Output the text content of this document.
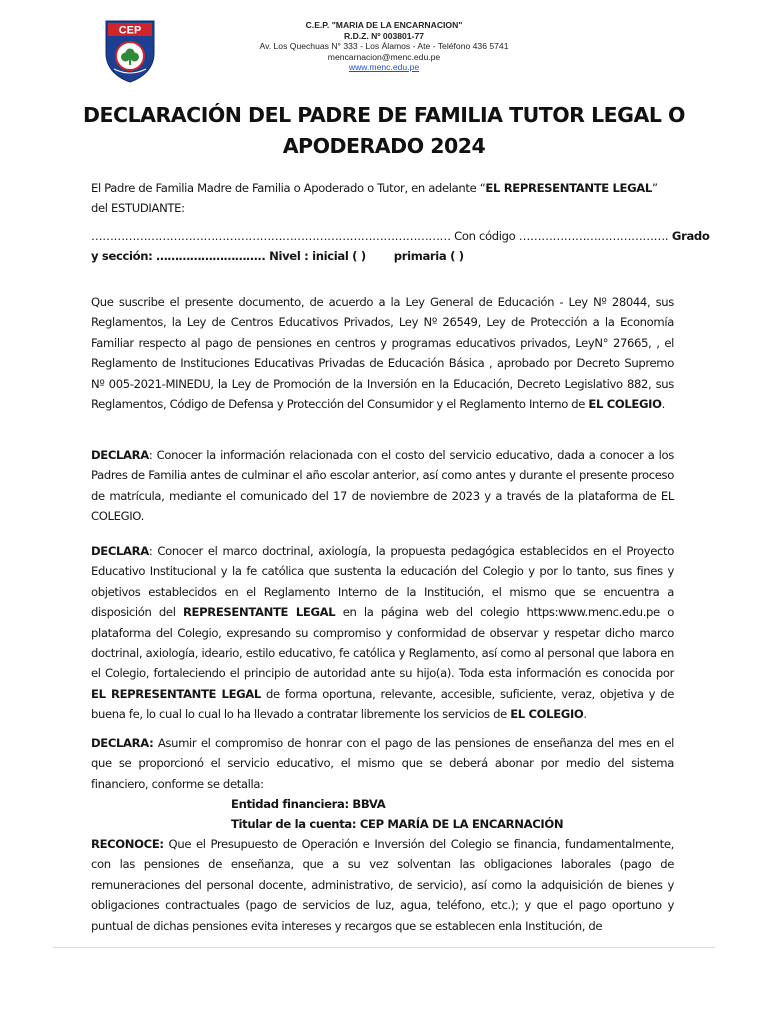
CEP	C.E.P. "MARIA DE LA ENCARNACION"
R.D.Z. Nº 003801-77
Av. Los Quechuas N° 333 - Los Álamos - Ate - Teléfono 436 5741
mencarnacion@menc.edu.pe
www.menc.edu.pe
DECLARACIÓN DEL PADRE DE FAMILIA TUTOR LEGAL O
APODERADO 2024
El Padre de Familia Madre de Familia o Apoderado o Tutor, en adelante “EL REPRESENTANTE LEGAL” del ESTUDIANTE:
…………………………………………………………………………………… Con código …………………………………. Grado
y sección: ……………………….. Nivel : inicial ( ) primaria ( )
Que suscribe el presente documento, de acuerdo a la Ley General de Educación - Ley Nº 28044, sus Reglamentos, la Ley de Centros Educativos Privados, Ley Nº 26549, Ley de Protección a la Economía Familiar respecto al pago de pensiones en centros y programas educativos privados, LeyN° 27665, , el Reglamento de Instituciones Educativas Privadas de Educación Básica , aprobado por Decreto Supremo Nº 005-2021-MINEDU, la Ley de Promoción de la Inversión en la Educación, Decreto Legislativo 882, sus Reglamentos, Código de Defensa y Protección del Consumidor y el Reglamento Interno de EL COLEGIO.
DECLARA: Conocer la información relacionada con el costo del servicio educativo, dada a conocer a los Padres de Familia antes de culminar el año escolar anterior, así como antes y durante el presente proceso de matrícula, mediante el comunicado del 17 de noviembre de 2023 y a través de la plataforma de EL COLEGIO.
DECLARA: Conocer el marco doctrinal, axiología, la propuesta pedagógica establecidos en el Proyecto Educativo Institucional y la fe católica que sustenta la educación del Colegio y por lo tanto, sus fines y objetivos establecidos en el Reglamento Interno de la Institución, el mismo que se encuentra a disposición del REPRESENTANTE LEGAL en la página web del colegio https:www.menc.edu.pe o plataforma del Colegio, expresando su compromiso y conformidad de observar y respetar dicho marco doctrinal, axiología, ideario, estilo educativo, fe católica y Reglamento, así como al personal que labora en el Colegio, fortaleciendo el principio de autoridad ante su hijo(a). Toda esta información es conocida por EL REPRESENTANTE LEGAL de forma oportuna, relevante, accesible, suficiente, veraz, objetiva y de buena fe, lo cual lo cual lo ha llevado a contratar libremente los servicios de EL COLEGIO.
DECLARA: Asumir el compromiso de honrar con el pago de las pensiones de enseñanza del mes en el que se proporcionó el servicio educativo, el mismo que se deberá abonar por medio del sistema financiero, conforme se detalla:
Entidad financiera: BBVA
Titular de la cuenta: CEP MARÍA DE LA ENCARNACIÓN
RECONOCE: Que el Presupuesto de Operación e Inversión del Colegio se financia, fundamentalmente, con las pensiones de enseñanza, que a su vez solventan las obligaciones laborales (pago de remuneraciones del personal docente, administrativo, de servicio), así como la adquisición de bienes y obligaciones contractuales (pago de servicios de luz, agua, teléfono, etc.); y que el pago oportuno y puntual de dichas pensiones evita intereses y recargos que se establecen enla Institución, de
